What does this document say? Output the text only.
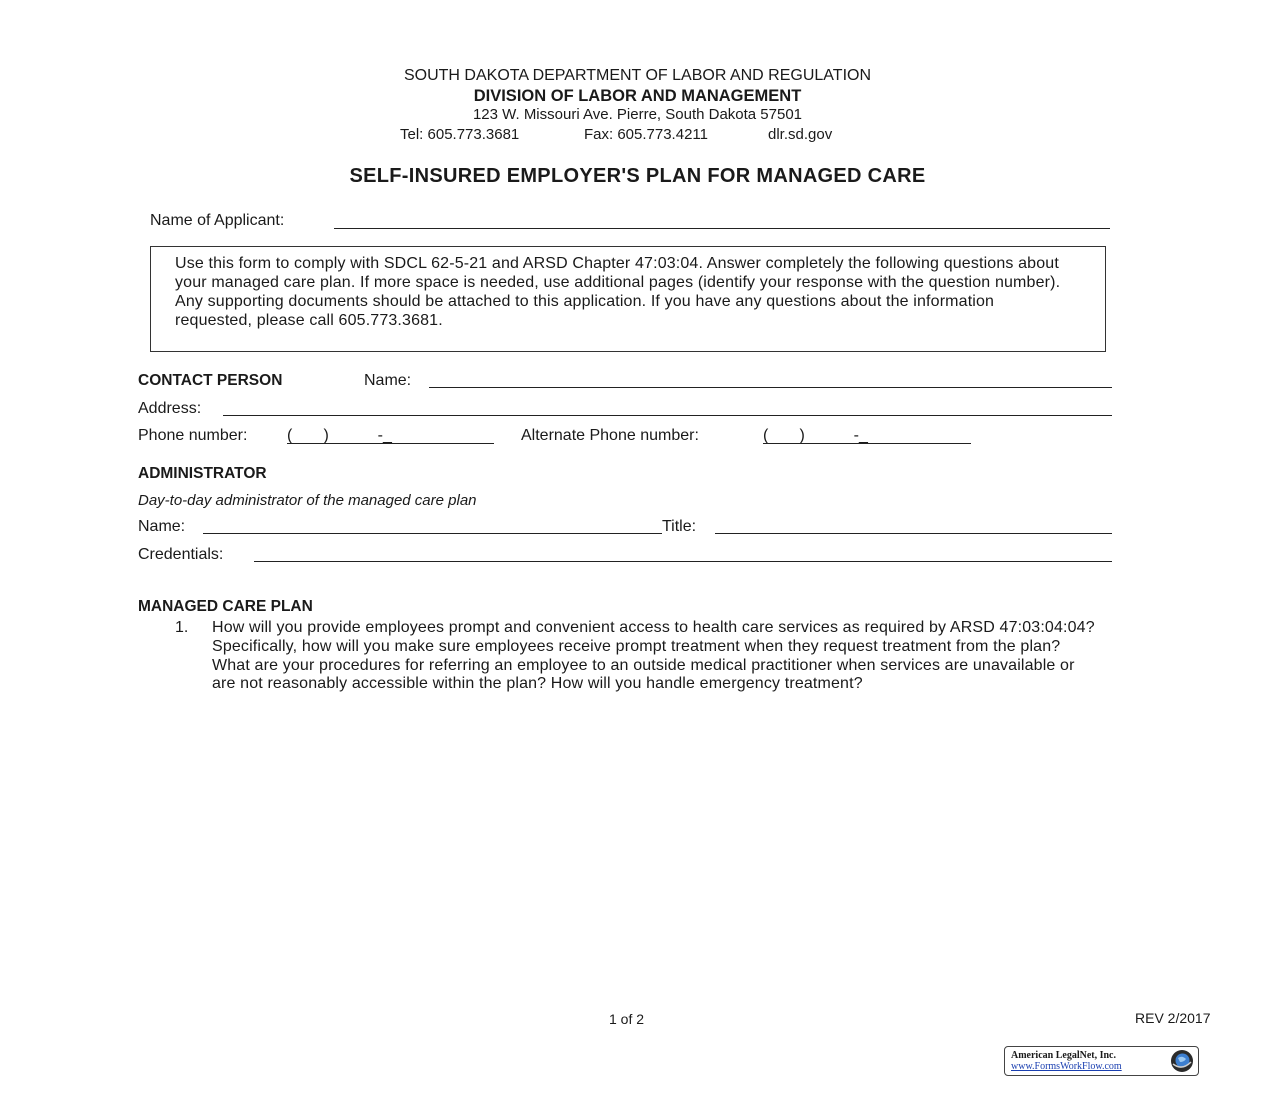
SOUTH DAKOTA DEPARTMENT OF LABOR AND REGULATION
DIVISION OF LABOR AND MANAGEMENT
123 W. Missouri Ave. Pierre, South Dakota 57501
Tel: 605.773.3681	Fax: 605.773.4211	dlr.sd.gov
SELF-INSURED EMPLOYER'S PLAN FOR MANAGED CARE
Name of Applicant:
Use this form to comply with SDCL 62-5-21 and ARSD Chapter 47:03:04. Answer completely the following questions about your managed care plan. If more space is needed, use additional pages (identify your response with the question number). Any supporting documents should be attached to this application. If you have any questions about the information requested, please call 605.773.3681.
CONTACT PERSON	Name:
Address:
Phone number: (       )           -_	Alternate Phone number:	(       )           -_
ADMINISTRATOR
Day-to-day administrator of the managed care plan
Name:	Title:
Credentials:
MANAGED CARE PLAN
1. How will you provide employees prompt and convenient access to health care services as required by ARSD 47:03:04:04? Specifically, how will you make sure employees receive prompt treatment when they request treatment from the plan? What are your procedures for referring an employee to an outside medical practitioner when services are unavailable or are not reasonably accessible within the plan? How will you handle emergency treatment?
1 of 2	REV 2/2017
American LegalNet, Inc.
www.FormsWorkFlow.com
